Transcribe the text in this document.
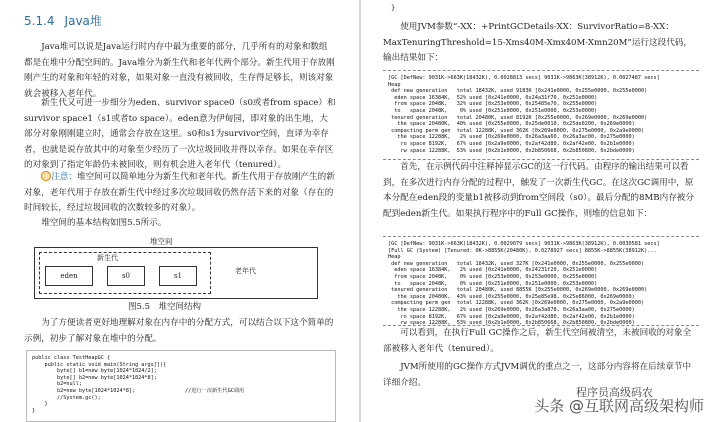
5.1.4 Java堆

Java堆可以说是Java运行时内存中最为重要的部分，几乎所有的对象和数组都是在堆中分配空间的。Java堆分为新生代和老年代两个部分。新生代用于存放刚刚产生的对象和年轻的对象，如果对象一直没有被回收，生存得足够长，则该对象就会被移入老年代。

新生代又可进一步细分为eden、survivor space0（s0或者from space）和survivor space1（s1或者to space）。eden意为伊甸园，即对象的出生地，大部分对象刚刚建立时，通常会存放在这里。s0和s1为survivor空间，直译为幸存者，也就是说存放其中的对象至少经历了一次垃圾回收并得以幸存。如果在幸存区的对象到了指定年龄仍未被回收，则有机会进入老年代（tenured）。

注意：堆空间可以简单地分为新生代和老年代。新生代用于存放刚产生的新对象，老年代用于存放在新生代中经过多次垃圾回收仍然存活下来的对象（存在的时间较长，经过垃圾回收的次数较多的对象）。

堆空间的基本结构如图5.5所示。

堆空间
新生代
eden	s0	s1
老年代
图5.5　堆空间结构

为了方便读者更好地理解对象在内存中的分配方式，可以结合以下这个简单的示例，初步了解对象在堆中的分配。

public class TestHeapGC {
public static void main(String args[]){
byte[] b1=new byte[1024*1024/2];
byte[] b2=new byte[1024*1024*8];
b2=null;
b2=new byte[1024*1024*8];                //进行一次新生代GC调用
//System.gc();
}
}
}

使用JVM参数“-XX：+PrintGCDetails-XX：SurvivorRatio=8-XX：MaxTenuringThreshold=15-Xms40M-Xmx40M-Xmn20M”运行这段代码，输出结果如下：

[GC [DefNew: 9031K->663K(18432K), 0.0028813 secs] 9031K->9863K(38912K), 0.0027487 secs]
Heap
def new generation   total 18432K, used 9183K [0x241e0000, 0x255e0000, 0x255e0000)
eden space 16384K,  52% used [0x241e0000, 0x24a31f70, 0x251e0000)
from space 2048K,   32% used [0x253e0000, 0x25485e70, 0x255e0000)
to   space 2048K,    0% used [0x251e0000, 0x251e0000, 0x253e0000)
tenured generation   total 20480K, used 8192K [0x255e0000, 0x269e0000, 0x269e0000)
the space 20480K,  40% used [0x255e0000, 0x25de0010, 0x25de0200, 0x269e0000)
compacting perm gen  total 12288K, used 362K [0x269e0000, 0x275e0000, 0x2a9e0000)
the space 12288K,   2% used [0x269e0000, 0x26a3aa60, 0x26a3ac00, 0x275e0000)
ro space 8192K,   67% used [0x2a9e0000, 0x2af42d80, 0x2af42e00, 0x2b1e0000)
rw space 12288K,  53% used [0x2b1e0000, 0x2b850668, 0x2b850800, 0x2bde0000)

首先，在示例代码中注释掉显示GC的这一行代码。由程序的输出结果可以看到，在多次进行内存分配的过程中，触发了一次新生代GC。在这次GC调用中，原本分配在eden段的变量b1被移动到from空间段（s0）。最后分配的8MB内存被分配到eden新生代。如果执行程序中的Full GC操作，则堆的信息如下：

[GC [DefNew: 9031K->663K(18432K), 0.0029079 secs] 9031K->9863K(38912K), 0.0030581 secs]
[Full GC (System) [Tenured: 0K->8855K(20480K), 0.0278927 secs] 8855K->8855K(38912K)...
Heap
def new generation   total 18432K, used 327K [0x241e0000, 0x255e0000, 0x255e0000)
eden space 16384K,   2% used [0x241e0000, 0x24231f20, 0x251e0000)
from space 2048K,    0% used [0x253e0000, 0x253e0000, 0x255e0000)
to   space 2048K,    0% used [0x251e0000, 0x251e0000, 0x253e0000)
tenured generation   total 20480K, used 8855K [0x255e0000, 0x269e0000, 0x269e0000)
the space 20480K,  43% used [0x255e0000, 0x25e85e98, 0x25e86000, 0x269e0000)
compacting perm gen  total 12288K, used 362K [0x269e0000, 0x275e0000, 0x2a9e0000)
the space 12288K,   2% used [0x269e0000, 0x26a3a878, 0x26a3aa00, 0x275e0000)
ro space 8192K,   67% used [0x2a9e0000, 0x2af42d80, 0x2af42e00, 0x2b1e0000)
rw space 12288K,  53% used [0x2b1e0000, 0x2b850668, 0x2b850800, 0x2bde0000)

可以看到，在执行Full GC操作之后，新生代空间被清空，未被回收的对象全部被移入老年代（tenured）。

JVM所使用的GC操作方式JVM调优的重点之一，这部分内容将在后续章节中详细介绍。

程序员高级码农
头条 @互联网高级架构师
